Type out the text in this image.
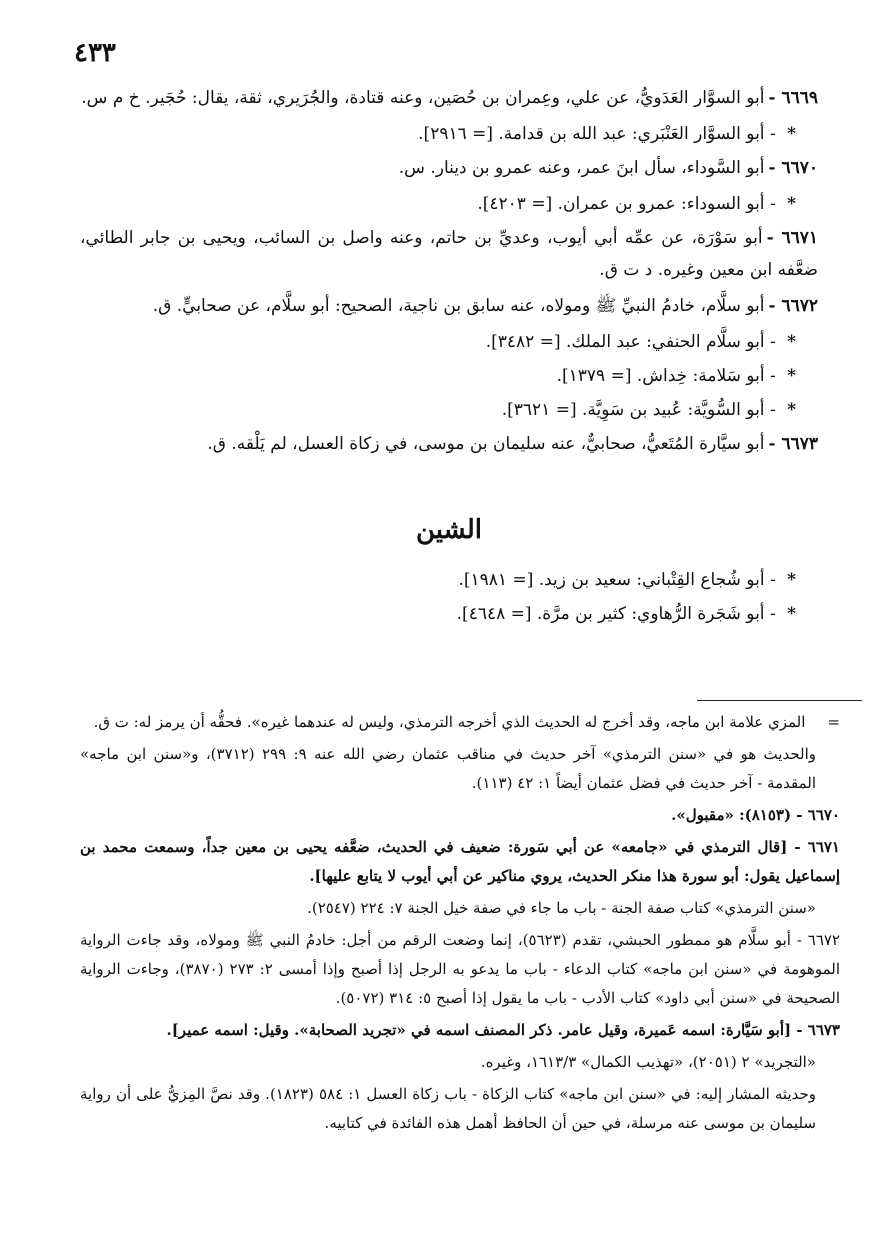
٤٣٣

٦٦٦٩ -أبو السوَّار العَدَويُّ، عن علي، وعِمران بن حُصَين، وعنه قتادة، والجُرَيري، ثقة، يقال: حُجَير. خ م س.

* - أبو السوَّار العَنْبَري: عبد الله بن قدامة. [= ٢٩١٦].

٦٦٧٠ -أبو السَّوداء، سأل ابنَ عمر، وعنه عمرو بن دينار. س.

* - أبو السوداء: عمرو بن عمران. [= ٤٢٠٣].

٦٦٧١ -أبو سَوْرَة، عن عمِّه أبي أيوب، وعديِّ بن حاتم، وعنه واصل بن السائب، ويحيى بن جابر الطائي، ضعَّفه ابن معين وغيره. د ت ق.

٦٦٧٢ -أبو سلَّام، خادمُ النبيِّ ﷺ ومولاه، عنه سابق بن ناجية، الصحيح: أبو سلَّام، عن صحابيٍّ. ق.

* - أبو سلَّام الحنفي: عبد الملك. [= ٣٤٨٢].

* - أبو سَلامة: خِداش. [= ١٣٧٩].

* - أبو السُّويَّة: عُبيد بن سَوِيَّة. [= ٣٦٢١].

٦٦٧٣ -أبو سيَّارة المُتَعيُّ، صحابيٌّ، عنه سليمان بن موسى، في زكاة العسل، لم يَلْقه. ق.

الشين

* - أبو شُجاع القِتْباني: سعيد بن زيد. [= ١٩٨١].

* - أبو شَجَرة الرُّهاوي: كثير بن مرَّة. [= ٤٦٤٨].

=المزي علامة ابن ماجه، وقد أخرج له الحديث الذي أخرجه الترمذي، وليس له عندهما غيره». فحقُّه أن يرمز له: ت ق.

والحديث هو في «سنن الترمذي» آخر حديث في مناقب عثمان رضي الله عنه ٩: ٢٩٩ (٣٧١٢)، و«سنن ابن ماجه» المقدمة - آخر حديث في فضل عثمان أيضاً ١: ٤٢ (١١٣).

٦٦٧٠ - (٨١٥٣): «مقبول».

٦٦٧١ - [قال الترمذي في «جامعه» عن أبي سَورة: ضعيف في الحديث، ضعَّفه يحيى بن معين جداً، وسمعت محمد بن إسماعيل يقول: أبو سورة هذا منكر الحديث، يروي مناكير عن أبي أيوب لا يتابع عليها].

«سنن الترمذي» كتاب صفة الجنة - باب ما جاء في صفة خيل الجنة ٧: ٢٢٤ (٢٥٤٧).

٦٦٧٢ - أبو سلَّام هو ممطور الحبشي، تقدم (٥٦٢٣)، إنما وضعت الرقم من أجل: خادمُ النبي ﷺ ومولاه، وقد جاءت الرواية الموهومة في «سنن ابن ماجه» كتاب الدعاء - باب ما يدعو به الرجل إذا أصبح وإذا أمسى ٢: ٢٧٣ (٣٨٧٠)، وجاءت الرواية الصحيحة في «سنن أبي داود» كتاب الأدب - باب ما يقول إذا أصبح ٥: ٣١٤ (٥٠٧٢).

٦٦٧٣ - [أبو سَيَّارة: اسمه عَميرة، وقيل عامر. ذكر المصنف اسمه في «تجريد الصحابة». وقيل: اسمه عمير].

«التجريد» ٢ (٢٠٥١)، «تهذيب الكمال» ١٦١٣/٣، وغيره.

وحديثه المشار إليه: في «سنن ابن ماجه» كتاب الزكاة - باب زكاة العسل ١: ٥٨٤ (١٨٢٣). وقد نصَّ المِزيُّ على أن رواية سليمان بن موسى عنه مرسلة، في حين أن الحافظ أهمل هذه الفائدة في كتابيه.
